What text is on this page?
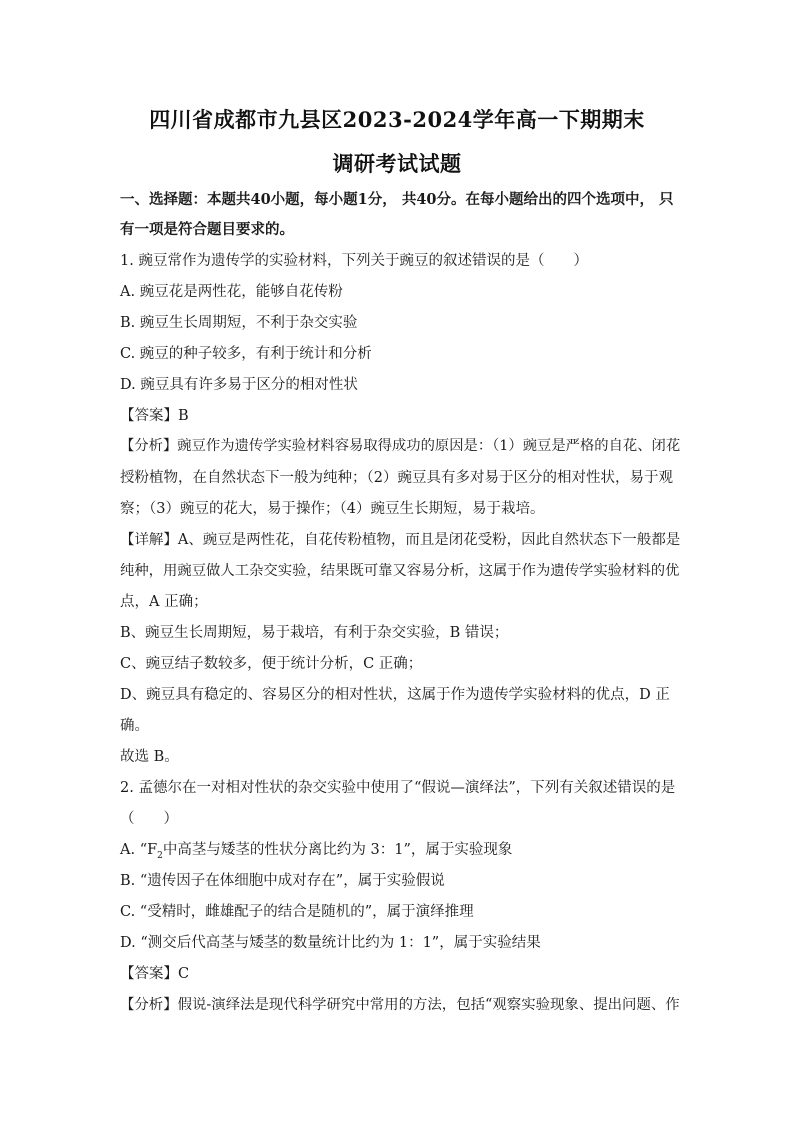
四川省成都市九县区2023-2024学年高一下期期末
调研考试试题
一、选择题：本题共40小题，每小题1分， 共40分。在每小题给出的四个选项中， 只
有一项是符合题目要求的。
1. 豌豆常作为遗传学的实验材料，下列关于豌豆的叙述错误的是（　　）
A. 豌豆花是两性花，能够自花传粉
B. 豌豆生长周期短，不利于杂交实验
C. 豌豆的种子较多，有利于统计和分析
D. 豌豆具有许多易于区分的相对性状
【答案】B
【分析】豌豆作为遗传学实验材料容易取得成功的原因是：（1）豌豆是严格的自花、闭花
授粉植物，在自然状态下一般为纯种；（2）豌豆具有多对易于区分的相对性状，易于观
察；（3）豌豆的花大，易于操作；（4）豌豆生长期短，易于栽培。
【详解】A、豌豆是两性花，自花传粉植物，而且是闭花受粉，因此自然状态下一般都是
纯种，用豌豆做人工杂交实验，结果既可靠又容易分析，这属于作为遗传学实验材料的优
点，A 正确；
B、豌豆生长周期短，易于栽培，有利于杂交实验，B 错误；
C、豌豆结子数较多，便于统计分析，C 正确；
D、豌豆具有稳定的、容易区分的相对性状，这属于作为遗传学实验材料的优点，D 正
确。
故选 B。
2. 孟德尔在一对相对性状的杂交实验中使用了“假说—演绎法”，下列有关叙述错误的是
（　　）
A. “$F_2$中高茎与矮茎的性状分离比约为 3：1”，属于实验现象
B. “遗传因子在体细胞中成对存在”，属于实验假说
C. “受精时，雌雄配子的结合是随机的”，属于演绎推理
D. “测交后代高茎与矮茎的数量统计比约为 1：1”，属于实验结果
【答案】C
【分析】假说-演绎法是现代科学研究中常用的方法，包括“观察实验现象、提出问题、作
